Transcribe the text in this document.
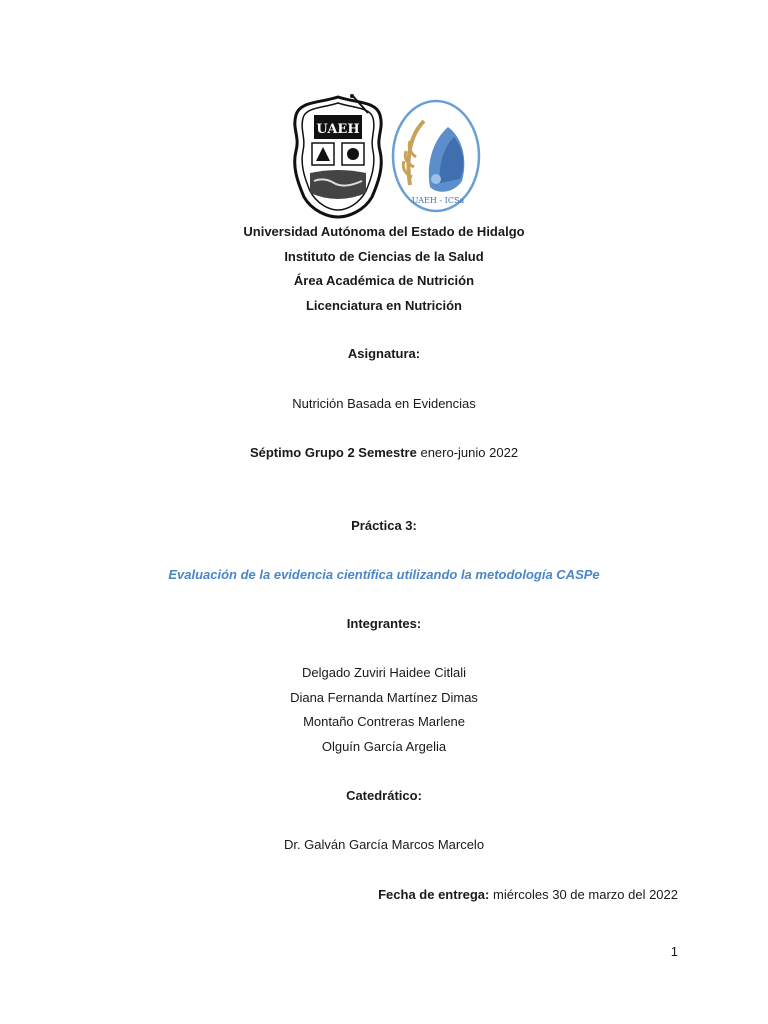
UAEH
UAEH - ICSa
Universidad Autónoma del Estado de Hidalgo
Instituto de Ciencias de la Salud
Área Académica de Nutrición
Licenciatura en Nutrición
Asignatura:
Nutrición Basada en Evidencias
Séptimo Grupo 2 Semestre enero-junio 2022
Práctica 3:
Evaluación de la evidencia científica utilizando la metodología CASPe
Integrantes:
Delgado Zuviri Haidee Citlali
Diana Fernanda Martínez Dimas
Montaño Contreras Marlene
Olguín García Argelia
Catedrático:
Dr. Galván García Marcos Marcelo
Fecha de entrega: miércoles 30 de marzo del 2022
1
